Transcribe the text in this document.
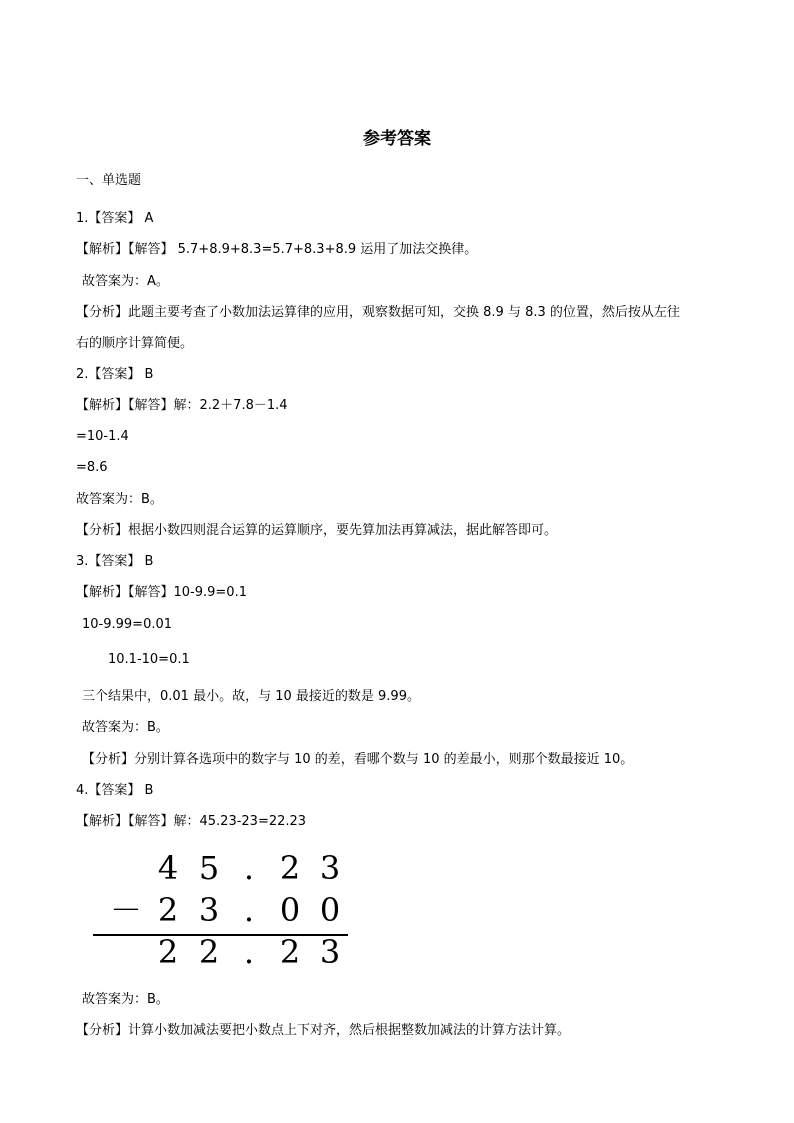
参考答案
一、单选题
1.【答案】 A
【解析】【解答】 5.7+8.9+8.3=5.7+8.3+8.9 运用了加法交换律。
故答案为：A。
【分析】此题主要考查了小数加法运算律的应用，观察数据可知，交换 8.9 与 8.3 的位置，然后按从左往
右的顺序计算简便。
2.【答案】 B
【解析】【解答】解：2.2＋7.8－1.4
=10-1.4
=8.6
故答案为：B。
【分析】根据小数四则混合运算的运算顺序，要先算加法再算减法，据此解答即可。
3.【答案】 B
【解析】【解答】10-9.9=0.1
10-9.99=0.01
10.1-10=0.1
三个结果中，0.01 最小。故，与 10 最接近的数是 9.99。
故答案为：B。
【分析】分别计算各选项中的数字与 10 的差，看哪个数与 10 的差最小，则那个数最接近 10。
4.【答案】 B
【解析】【解答】解：45.23-23=22.23
4 5 . 2 3
－ 2 3 . 0 0
2 2 . 2 3
故答案为：B。
【分析】计算小数加减法要把小数点上下对齐，然后根据整数加减法的计算方法计算。
